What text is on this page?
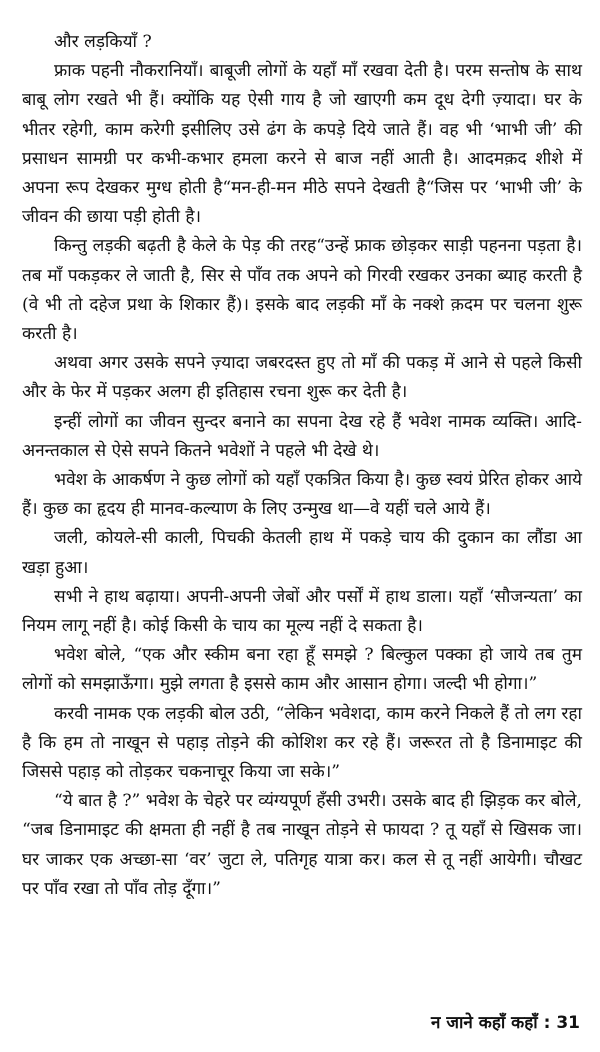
और लड़कियाँ ?

फ्राक पहनी नौकरानियाँ। बाबूजी लोगों के यहाँ माँ रखवा देती है। परम सन्तोष के साथ बाबू लोग रखते भी हैं। क्योंकि यह ऐसी गाय है जो खाएगी कम दूध देगी ज़्यादा। घर के भीतर रहेगी, काम करेगी इसीलिए उसे ढंग के कपड़े दिये जाते हैं। वह भी ‘भाभी जी’ की प्रसाधन सामग्री पर कभी-कभार हमला करने से बाज नहीं आती है। आदमक़द शीशे में अपना रूप देखकर मुग्ध होती है“मन-ही-मन मीठे सपने देखती है“जिस पर ‘भाभी जी’ के जीवन की छाया पड़ी होती है।

किन्तु लड़की बढ़ती है केले के पेड़ की तरह“उन्हें फ्राक छोड़कर साड़ी पहनना पड़ता है। तब माँ पकड़कर ले जाती है, सिर से पाँव तक अपने को गिरवी रखकर उनका ब्याह करती है (वे भी तो दहेज प्रथा के शिकार हैं)। इसके बाद लड़की माँ के नक्शे क़दम पर चलना शुरू करती है।

अथवा अगर उसके सपने ज़्यादा जबरदस्त हुए तो माँ की पकड़ में आने से पहले किसी और के फेर में पड़कर अलग ही इतिहास रचना शुरू कर देती है।

इन्हीं लोगों का जीवन सुन्दर बनाने का सपना देख रहे हैं भवेश नामक व्यक्ति। आदि-अनन्तकाल से ऐसे सपने कितने भवेशों ने पहले भी देखे थे।

भवेश के आकर्षण ने कुछ लोगों को यहाँ एकत्रित किया है। कुछ स्वयं प्रेरित होकर आये हैं। कुछ का हृदय ही मानव-कल्याण के लिए उन्मुख था—वे यहीं चले आये हैं।

जली, कोयले-सी काली, पिचकी केतली हाथ में पकड़े चाय की दुकान का लौंडा आ खड़ा हुआ।

सभी ने हाथ बढ़ाया। अपनी-अपनी जेबों और पर्सों में हाथ डाला। यहाँ ‘सौजन्यता’ का नियम लागू नहीं है। कोई किसी के चाय का मूल्य नहीं दे सकता है।

भवेश बोले, “एक और स्कीम बना रहा हूँ समझे ? बिल्कुल पक्का हो जाये तब तुम लोगों को समझाऊँगा। मुझे लगता है इससे काम और आसान होगा। जल्दी भी होगा।”

करवी नामक एक लड़की बोल उठी, “लेकिन भवेशदा, काम करने निकले हैं तो लग रहा है कि हम तो नाखून से पहाड़ तोड़ने की कोशिश कर रहे हैं। जरूरत तो है डिनामाइट की जिससे पहाड़ को तोड़कर चकनाचूर किया जा सके।”

“ये बात है ?” भवेश के चेहरे पर व्यंग्यपूर्ण हँसी उभरी। उसके बाद ही झिड़क कर बोले, “जब डिनामाइट की क्षमता ही नहीं है तब नाखून तोड़ने से फायदा ? तू यहाँ से खिसक जा। घर जाकर एक अच्छा-सा ‘वर’ जुटा ले, पतिगृह यात्रा कर। कल से तू नहीं आयेगी। चौखट पर पाँव रखा तो पाँव तोड़ दूँगा।”

न जाने कहाँ कहाँ : 31
